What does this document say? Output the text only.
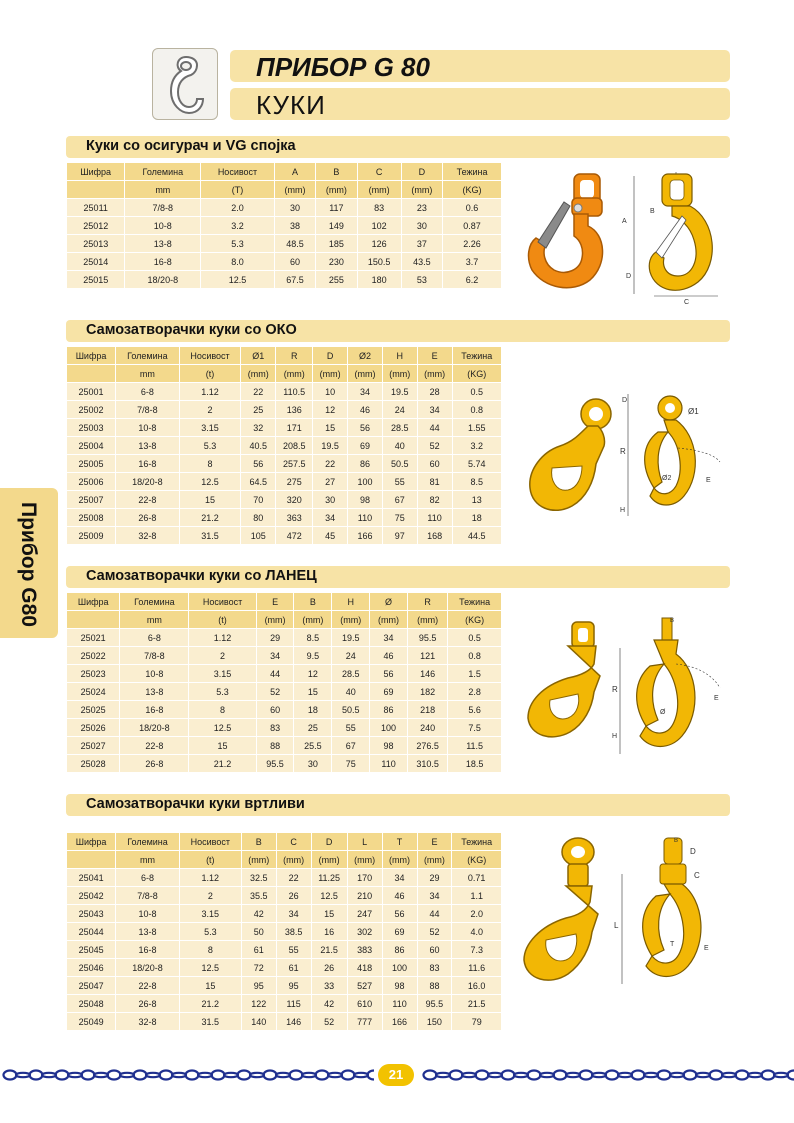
ПРИБОР G 80
КУКИ
Куки со осигурач и VG спојка
Шифра	Големина	Носивост	A	B	C	D	Тежина
	mm	(T)	(mm)	(mm)	(mm)	(mm)	(KG)
25011	7/8-8	2.0	30	117	83	23	0.6
25012	10-8	3.2	38	149	102	30	0.87
25013	13-8	5.3	48.5	185	126	37	2.26
25014	16-8	8.0	60	230	150.5	43.5	3.7
25015	18/20-8	12.5	67.5	255	180	53	6.2
A
B
D
C
Самозатворачки куки со ОКО
Шифра	Големина	Носивост	Ø1	R	D	Ø2	H	E	Тежина
	mm	(t)	(mm)	(mm)	(mm)	(mm)	(mm)	(mm)	(KG)
25001	6-8	1.12	22	110.5	10	34	19.5	28	0.5
25002	7/8-8	2	25	136	12	46	24	34	0.8
25003	10-8	3.15	32	171	15	56	28.5	44	1.55
25004	13-8	5.3	40.5	208.5	19.5	69	40	52	3.2
25005	16-8	8	56	257.5	22	86	50.5	60	5.74
25006	18/20-8	12.5	64.5	275	27	100	55	81	8.5
25007	22-8	15	70	320	30	98	67	82	13
25008	26-8	21.2	80	363	34	110	75	110	18
25009	32-8	31.5	105	472	45	166	97	168	44.5
D
Ø1
R
Ø2	E
H
Самозатворачки куки со ЛАНЕЦ
Шифра	Големина	Носивост	E	B	H	Ø	R	Тежина
	mm	(t)	(mm)	(mm)	(mm)	(mm)	(mm)	(KG)
25021	6-8	1.12	29	8.5	19.5	34	95.5	0.5
25022	7/8-8	2	34	9.5	24	46	121	0.8
25023	10-8	3.15	44	12	28.5	56	146	1.5
25024	13-8	5.3	52	15	40	69	182	2.8
25025	16-8	8	60	18	50.5	86	218	5.6
25026	18/20-8	12.5	83	25	55	100	240	7.5
25027	22-8	15	88	25.5	67	98	276.5	11.5
25028	26-8	21.2	95.5	30	75	110	310.5	18.5
B
R
Ø
E
H
Самозатворачки куки вртливи
Шифра	Големина	Носивост	B	C	D	L	T	E	Тежина
	mm	(t)	(mm)	(mm)	(mm)	(mm)	(mm)	(mm)	(KG)
25041	6-8	1.12	32.5	22	11.25	170	34	29	0.71
25042	7/8-8	2	35.5	26	12.5	210	46	34	1.1
25043	10-8	3.15	42	34	15	247	56	44	2.0
25044	13-8	5.3	50	38.5	16	302	69	52	4.0
25045	16-8	8	61	55	21.5	383	86	60	7.3
25046	18/20-8	12.5	72	61	26	418	100	83	11.6
25047	22-8	15	95	95	33	527	98	88	16.0
25048	26-8	21.2	122	115	42	610	110	95.5	21.5
25049	32-8	31.5	140	146	52	777	166	150	79
B
D
C
L
T
E
Прибор G80
21
